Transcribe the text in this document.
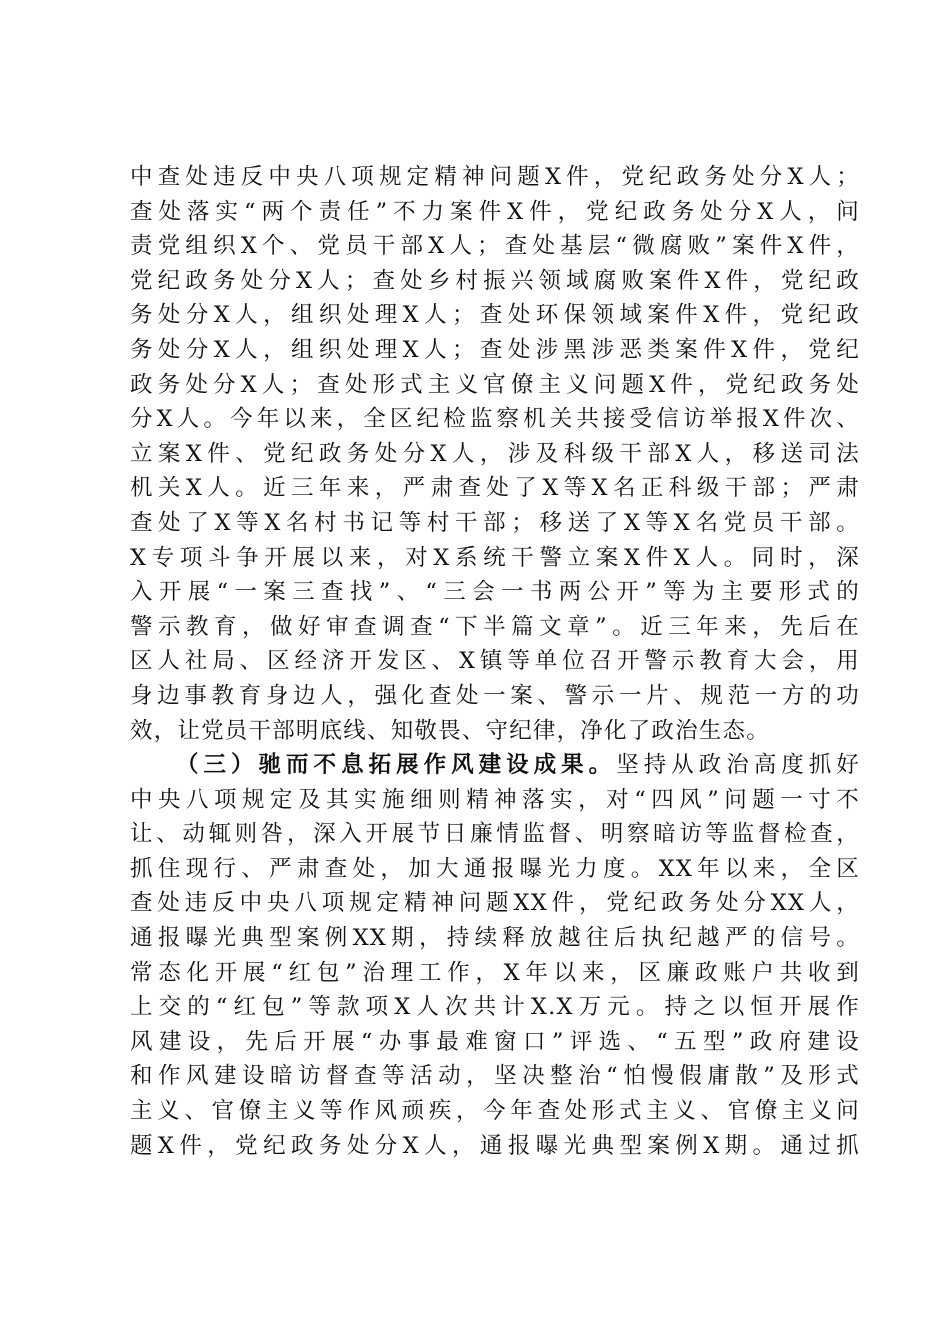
中查处违反中央八项规定精神问题X件，党纪政务处分X人；
查处落实“两个责任”不力案件X件，党纪政务处分X人，问
责党组织X个、党员干部X人；查处基层“微腐败”案件X件，
党纪政务处分X人；查处乡村振兴领域腐败案件X件，党纪政
务处分X人，组织处理X人；查处环保领域案件X件，党纪政
务处分X人，组织处理X人；查处涉黑涉恶类案件X件，党纪
政务处分X人；查处形式主义官僚主义问题X件，党纪政务处
分X人。今年以来，全区纪检监察机关共接受信访举报X件次、
立案X件、党纪政务处分X人，涉及科级干部X人，移送司法
机关X人。近三年来，严肃查处了X等X名正科级干部；严肃
查处了X等X名村书记等村干部；移送了X等X名党员干部。
X专项斗争开展以来，对X系统干警立案X件X人。同时，深
入开展“一案三查找”、“三会一书两公开”等为主要形式的
警示教育，做好审查调查“下半篇文章”。近三年来，先后在
区人社局、区经济开发区、X镇等单位召开警示教育大会，用
身边事教育身边人，强化查处一案、警示一片、规范一方的功
效，让党员干部明底线、知敬畏、守纪律，净化了政治生态。
（三）驰而不息拓展作风建设成果。坚持从政治高度抓好
中央八项规定及其实施细则精神落实，对“四风”问题一寸不
让、动辄则咎，深入开展节日廉情监督、明察暗访等监督检查，
抓住现行、严肃查处，加大通报曝光力度。XX年以来，全区
查处违反中央八项规定精神问题XX件，党纪政务处分XX人，
通报曝光典型案例XX期，持续释放越往后执纪越严的信号。
常态化开展“红包”治理工作，X年以来，区廉政账户共收到
上交的“红包”等款项X人次共计X.X万元。持之以恒开展作
风建设，先后开展“办事最难窗口”评选、“五型”政府建设
和作风建设暗访督查等活动，坚决整治“怕慢假庸散”及形式
主义、官僚主义等作风顽疾，今年查处形式主义、官僚主义问
题X件，党纪政务处分X人，通报曝光典型案例X期。通过抓
